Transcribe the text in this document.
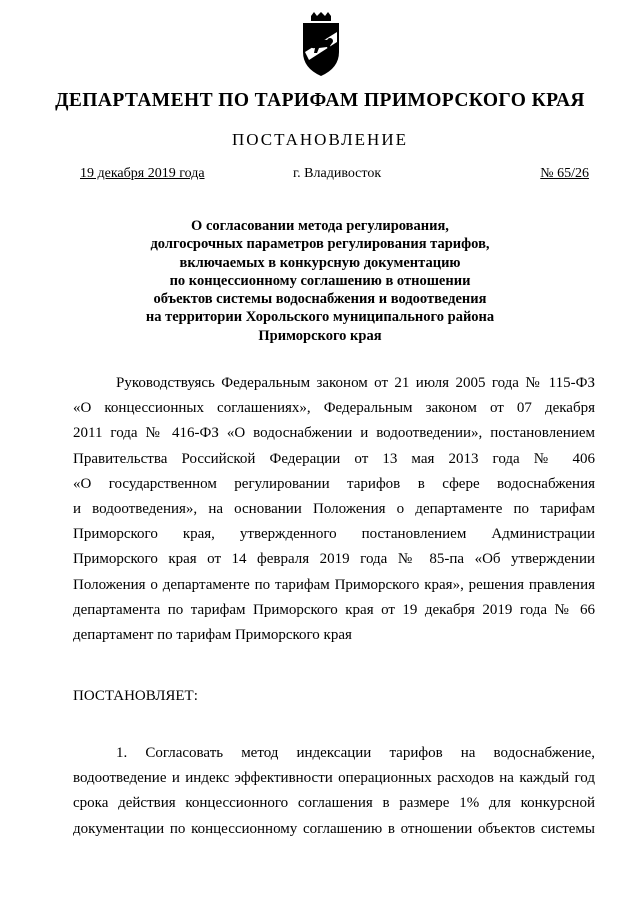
ДЕПАРТАМЕНТ ПО ТАРИФАМ ПРИМОРСКОГО КРАЯ
ПОСТАНОВЛЕНИЕ
19 декабря 2019 года	г. Владивосток	№ 65/26
О согласовании метода регулирования,
долгосрочных параметров регулирования тарифов,
включаемых в конкурсную документацию
по концессионному соглашению в отношении
объектов системы водоснабжения и водоотведения
на территории Хорольского муниципального района
Приморского края
Руководствуясь Федеральным законом от 21 июля 2005 года № 115-ФЗ
«О концессионных соглашениях», Федеральным законом от 07 декабря
2011 года № 416-ФЗ «О водоснабжении и водоотведении», постановлением
Правительства Российской Федерации от 13 мая 2013 года № 406
«О государственном регулировании тарифов в сфере водоснабжения
и водоотведения», на основании Положения о департаменте по тарифам
Приморского края, утвержденного постановлением Администрации
Приморского края от 14 февраля 2019 года № 85-па «Об утверждении
Положения о департаменте по тарифам Приморского края», решения правления
департамента по тарифам Приморского края от 19 декабря 2019 года № 66
департамент по тарифам Приморского края
ПОСТАНОВЛЯЕТ:
1. Согласовать метод индексации тарифов на водоснабжение,
водоотведение и индекс эффективности операционных расходов на каждый год
срока действия концессионного соглашения в размере 1% для конкурсной
документации по концессионному соглашению в отношении объектов системы
